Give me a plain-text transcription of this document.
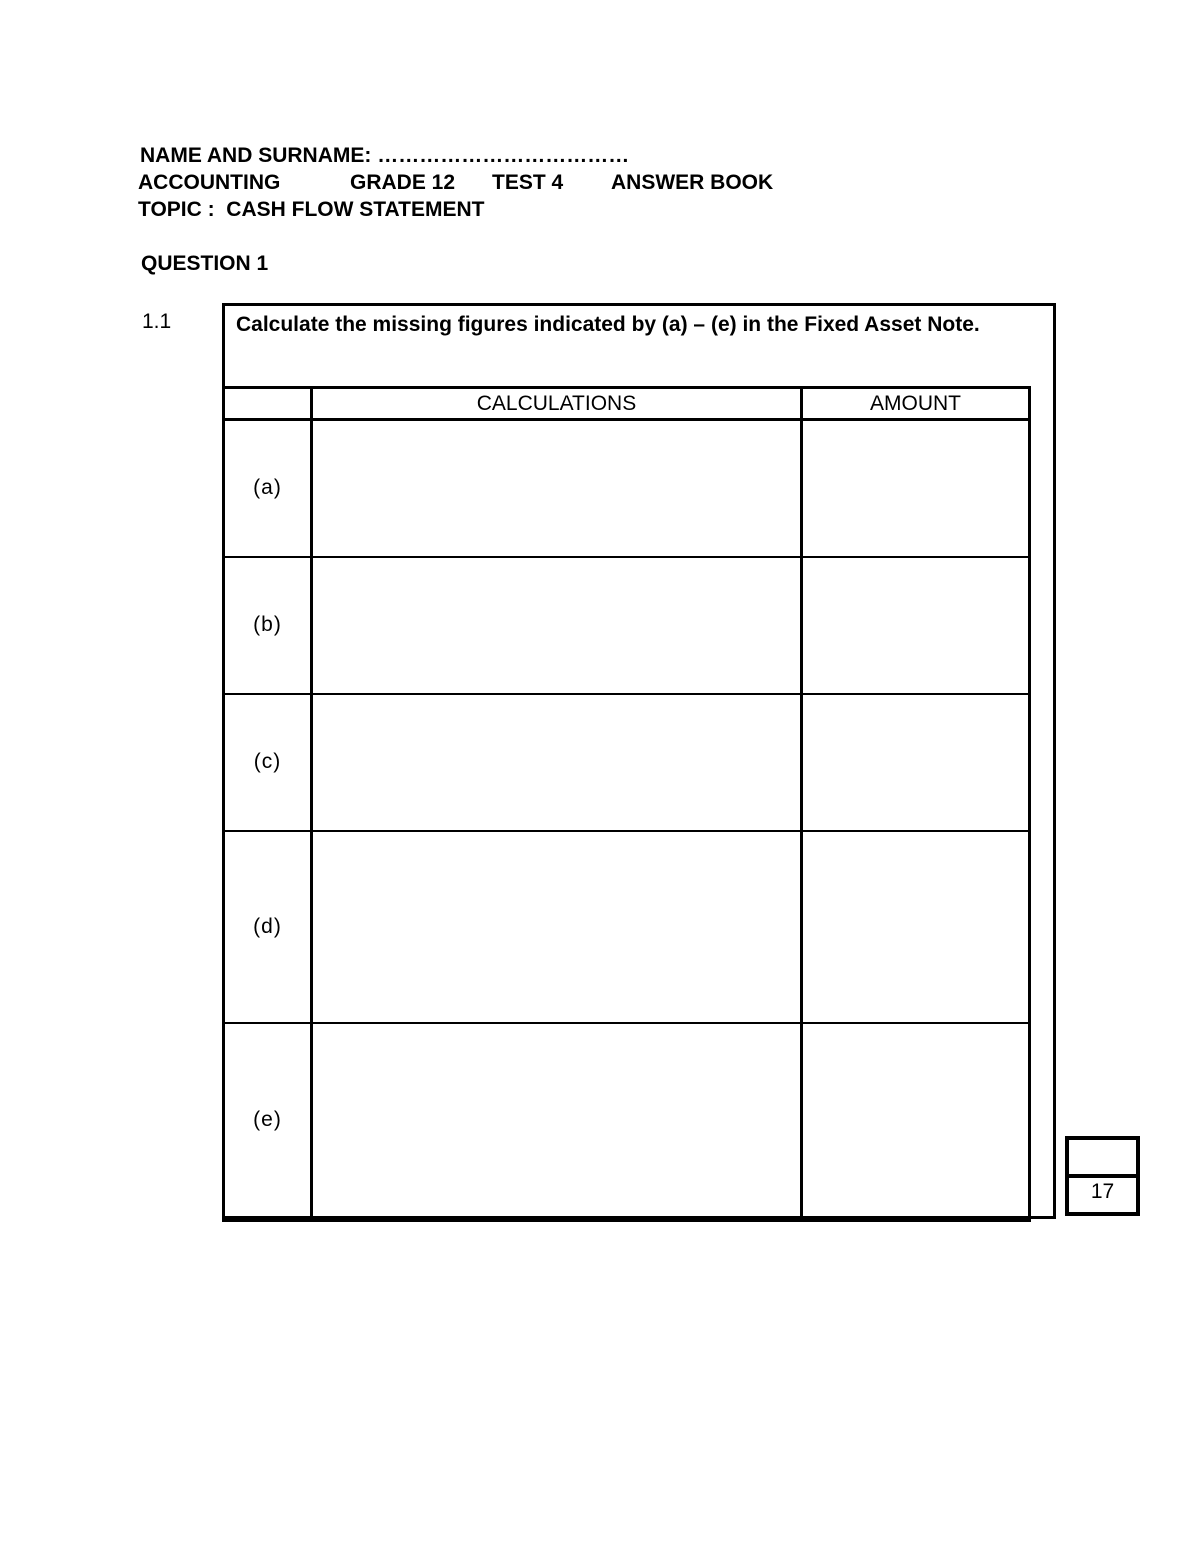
NAME AND SURNAME: ………………………………
ACCOUNTING	GRADE 12 TEST 4 ANSWER BOOK
TOPIC :  CASH FLOW STATEMENT
QUESTION 1
1.1	Calculate the missing figures indicated by (a) – (e) in the Fixed Asset Note.
	CALCULATIONS	AMOUNT
(a)		
(b)		
(c)		
(d)		
(e)		
17
